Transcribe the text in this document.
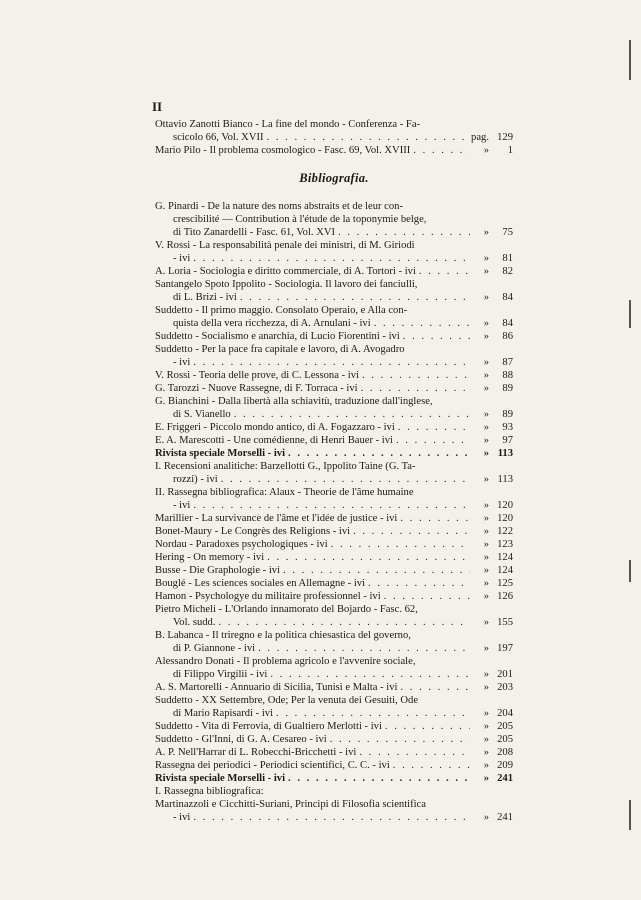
II
Ottavio Zanotti Bianco - La fine del mondo - Conferenza - Fa-
scicolo 66, Vol. XVII . . .	pag. 129
Mario Pilo - Il problema cosmologico - Fasc. 69, Vol. XVIII . . .	»	1
Bibliografia.
G. Pinardi - De la nature des noms abstraits et de leur con-
crescibilité — Contribution à l'étude de la toponymie belge,
di Tito Zanardelli - Fasc. 61, Vol. XVI . . .	»	75
V. Rossi - La responsabilità penale dei ministri, di M. Giriodi
- ivi . . .	»	81
A. Loria - Sociologia e diritto commerciale, di A. Tortori - ivi . . .	»	82
Santangelo Spoto Ippolito - Sociologia. Il lavoro dei fanciulli,
di L. Brizi - ivi . . .	»	84
Suddetto - Il primo maggio. Consolato Operaio, e Alla con-
quista della vera ricchezza, di A. Arnulani - ivi . . .	»	84
Suddetto - Socialismo e anarchia, di Lucio Fiorentini - ivi . . .	»	86
Suddetto - Per la pace fra capitale e lavoro, di A. Avogadro
- ivi . . .	»	87
V. Rossi - Teoria delle prove, di C. Lessona - ivi . . .	»	88
G. Tarozzi - Nuove Rassegne, di F. Torraca - ivi . . .	»	89
G. Bianchini - Dalla libertà alla schiavitù, traduzione dall'inglese,
di S. Vianello . . .	»	89
E. Friggeri - Piccolo mondo antico, di A. Fogazzaro - ivi . . .	»	93
E. A. Marescotti - Une comédienne, di Henri Bauer - ivi . . .	»	97
Rivista speciale Morselli - ivi . . .	» 113
I. Recensioni analitiche: Barzellotti G., Ippolito Taine (G. Ta-
rozzi) - ivi . . .	» 113
II. Rassegna bibliografica: Alaux - Theorie de l'âme humaine
- ivi . . .	» 120
Marillier - La survivance de l'âme et l'idée de justice - ivi . . .	» 120
Bonet-Maury - Le Congrès des Religions - ivi . . .	» 122
Nordau - Paradoxes psychologiques - ivi . . .	» 123
Hering - On memory - ivi . . .	» 124
Busse - Die Graphologie - ivi . . .	» 124
Bouglé - Les sciences sociales en Allemagne - ivi . . .	» 125
Hamon - Psychologye du militaire professionnel - ivi . . .	» 126
Pietro Micheli - L'Orlando innamorato del Bojardo - Fasc. 62,
Vol. sudd. . . .	» 155
B. Labanca - Il triregno e la politica chiesastica del governo,
di P. Giannone - ivi . . .	» 197
Alessandro Donati - Il problema agricolo e l'avvenire sociale,
di Filippo Virgilii - ivi . . .	» 201
A. S. Martorelli - Annuario di Sicilia, Tunisi e Malta - ivi . . .	» 203
Suddetto - XX Settembre, Ode; Per la venuta dei Gesuiti, Ode
di Mario Rapisardi - ivi . . .	» 204
Suddetto - Vita di Ferrovia, di Gualtiero Merlotti - ivi . . .	» 205
Suddetto - Gl'Inni, di G. A. Cesareo - ivi . . .	» 205
A. P. Nell'Harrar di L. Robecchi-Bricchetti - ivi . . .	» 208
Rassegna dei periodici - Periodici scientifici, C. C. - ivi . . .	» 209
Rivista speciale Morselli - ivi . . .	» 241
I. Rassegna bibliografica:
Martinazzoli e Cicchitti-Suriani, Principi di Filosofia scientifica
- ivi . . .	» 241
